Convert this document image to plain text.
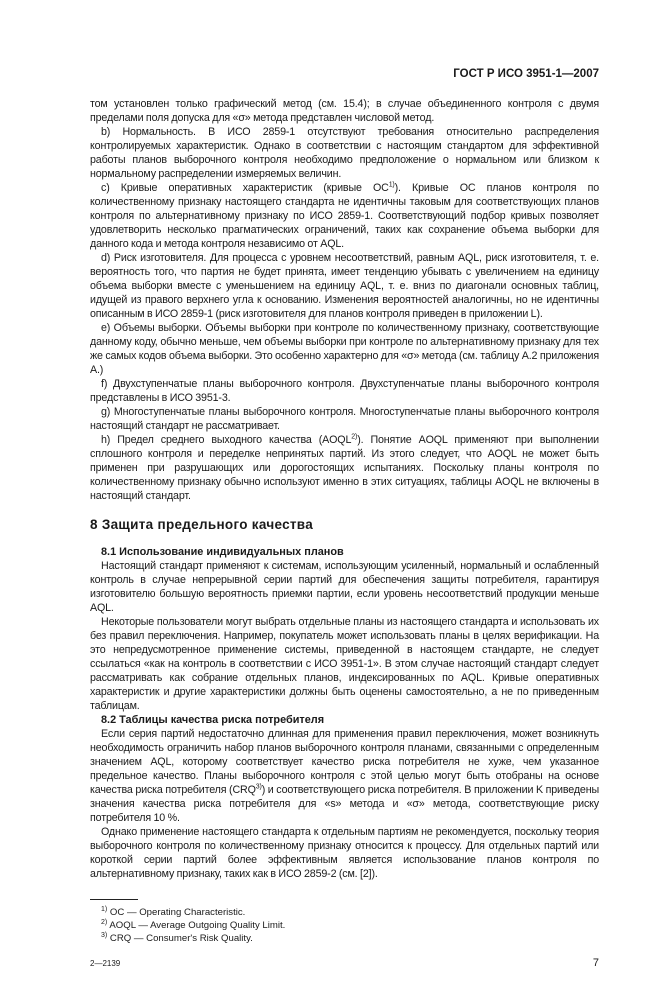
ГОСТ Р ИСО 3951-1—2007

том установлен только графический метод (см. 15.4); в случае объединенного контроля с двумя пределами поля допуска для «σ» метода представлен числовой метод.

b) Нормальность. В ИСО 2859-1 отсутствуют требования относительно распределения контролируемых характеристик. Однако в соответствии с настоящим стандартом для эффективной работы планов выборочного контроля необходимо предположение о нормальном или близком к нормальному распределении измеряемых величин.

c) Кривые оперативных характеристик (кривые OC$^{1)}$). Кривые ОС планов контроля по количественному признаку настоящего стандарта не идентичны таковым для соответствующих планов контроля по альтернативному признаку по ИСО 2859-1. Соответствующий подбор кривых позволяет удовлетворить несколько прагматических ограничений, таких как сохранение объема выборки для данного кода и метода контроля независимо от AQL.

d) Риск изготовителя. Для процесса с уровнем несоответствий, равным AQL, риск изготовителя, т. е. вероятность того, что партия не будет принята, имеет тенденцию убывать с увеличением на единицу объема выборки вместе с уменьшением на единицу AQL, т. е. вниз по диагонали основных таблиц, идущей из правого верхнего угла к основанию. Изменения вероятностей аналогичны, но не идентичны описанным в ИСО 2859-1 (риск изготовителя для планов контроля приведен в приложении L).

e) Объемы выборки. Объемы выборки при контроле по количественному признаку, соответствующие данному коду, обычно меньше, чем объемы выборки при контроле по альтернативному признаку для тех же самых кодов объема выборки. Это особенно характерно для «σ» метода (см. таблицу A.2 приложения A.)

f) Двухступенчатые планы выборочного контроля. Двухступенчатые планы выборочного контроля представлены в ИСО 3951-3.

g) Многоступенчатые планы выборочного контроля. Многоступенчатые планы выборочного контроля настоящий стандарт не рассматривает.

h) Предел среднего выходного качества (AOQL$^{2)}$). Понятие AOQL применяют при выполнении сплошного контроля и переделке непринятых партий. Из этого следует, что AOQL не может быть применен при разрушающих или дорогостоящих испытаниях. Поскольку планы контроля по количественному признаку обычно используют именно в этих ситуациях, таблицы AOQL не включены в настоящий стандарт.

8 Защита предельного качества
8.1 Использование индивидуальных планов

Настоящий стандарт применяют к системам, использующим усиленный, нормальный и ослабленный контроль в случае непрерывной серии партий для обеспечения защиты потребителя, гарантируя изготовителю большую вероятность приемки партии, если уровень несоответствий продукции меньше AQL.

Некоторые пользователи могут выбрать отдельные планы из настоящего стандарта и использовать их без правил переключения. Например, покупатель может использовать планы в целях верификации. На это непредусмотренное применение системы, приведенной в настоящем стандарте, не следует ссылаться «как на контроль в соответствии с ИСО 3951-1». В этом случае настоящий стандарт следует рассматривать как собрание отдельных планов, индексированных по AQL. Кривые оперативных характеристик и другие характеристики должны быть оценены самостоятельно, а не по приведенным таблицам.

8.2 Таблицы качества риска потребителя

Если серия партий недостаточно длинная для применения правил переключения, может возникнуть необходимость ограничить набор планов выборочного контроля планами, связанными с определенным значением AQL, которому соответствует качество риска потребителя не хуже, чем указанное предельное качество. Планы выборочного контроля с этой целью могут быть отобраны на основе качества риска потребителя (CRQ$^{3)}$) и соответствующего риска потребителя. В приложении K приведены значения качества риска потребителя для «s» метода и «σ» метода, соответствующие риску потребителя 10 %.

Однако применение настоящего стандарта к отдельным партиям не рекомендуется, поскольку теория выборочного контроля по количественному признаку относится к процессу. Для отдельных партий или короткой серии партий более эффективным является использование планов контроля по альтернативному признаку, таких как в ИСО 2859-2 (см. [2]).

$^{1)}$ OC — Operating Characteristic.
$^{2)}$ AOQL — Average Outgoing Quality Limit.
$^{3)}$ CRQ — Consumer's Risk Quality.
2—2139	7
